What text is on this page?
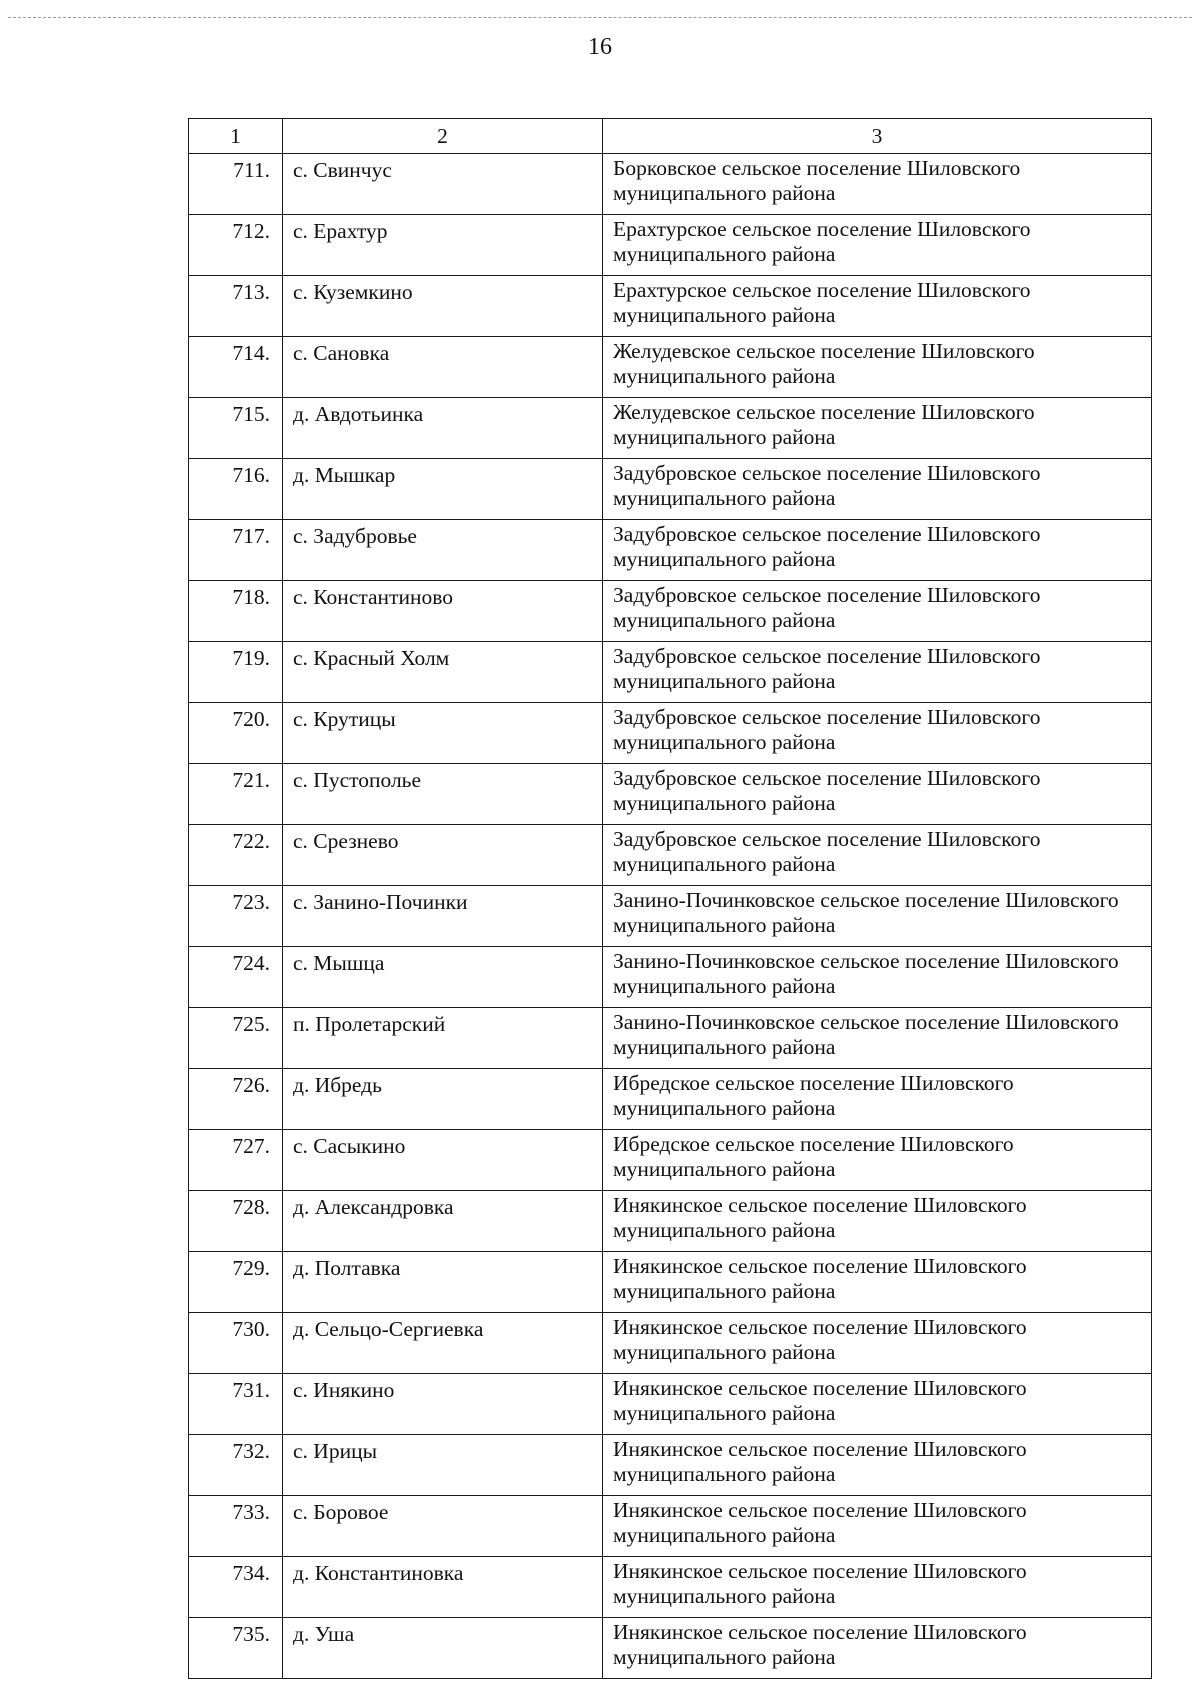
16
1	2	3
711.	с. Свинчус	Борковское сельское поселение Шиловского муниципального района
712.	с. Ерахтур	Ерахтурское сельское поселение Шиловского муниципального района
713.	с. Куземкино	Ерахтурское сельское поселение Шиловского муниципального района
714.	с. Сановка	Желудевское сельское поселение Шиловского муниципального района
715.	д. Авдотьинка	Желудевское сельское поселение Шиловского муниципального района
716.	д. Мышкар	Задубровское сельское поселение Шиловского муниципального района
717.	с. Задубровье	Задубровское сельское поселение Шиловского муниципального района
718.	с. Константиново	Задубровское сельское поселение Шиловского муниципального района
719.	с. Красный Холм	Задубровское сельское поселение Шиловского муниципального района
720.	с. Крутицы	Задубровское сельское поселение Шиловского муниципального района
721.	с. Пустополье	Задубровское сельское поселение Шиловского муниципального района
722.	с. Срезнево	Задубровское сельское поселение Шиловского муниципального района
723.	с. Занино-Починки	Занино-Починковское сельское поселение Шиловского муниципального района
724.	с. Мышца	Занино-Починковское сельское поселение Шиловского муниципального района
725.	п. Пролетарский	Занино-Починковское сельское поселение Шиловского муниципального района
726.	д. Ибредь	Ибредское сельское поселение Шиловского муниципального района
727.	с. Сасыкино	Ибредское сельское поселение Шиловского муниципального района
728.	д. Александровка	Инякинское сельское поселение Шиловского муниципального района
729.	д. Полтавка	Инякинское сельское поселение Шиловского муниципального района
730.	д. Сельцо-Сергиевка	Инякинское сельское поселение Шиловского муниципального района
731.	с. Инякино	Инякинское сельское поселение Шиловского муниципального района
732.	с. Ирицы	Инякинское сельское поселение Шиловского муниципального района
733.	с. Боровое	Инякинское сельское поселение Шиловского муниципального района
734.	д. Константиновка	Инякинское сельское поселение Шиловского муниципального района
735.	д. Уша	Инякинское сельское поселение Шиловского муниципального района
